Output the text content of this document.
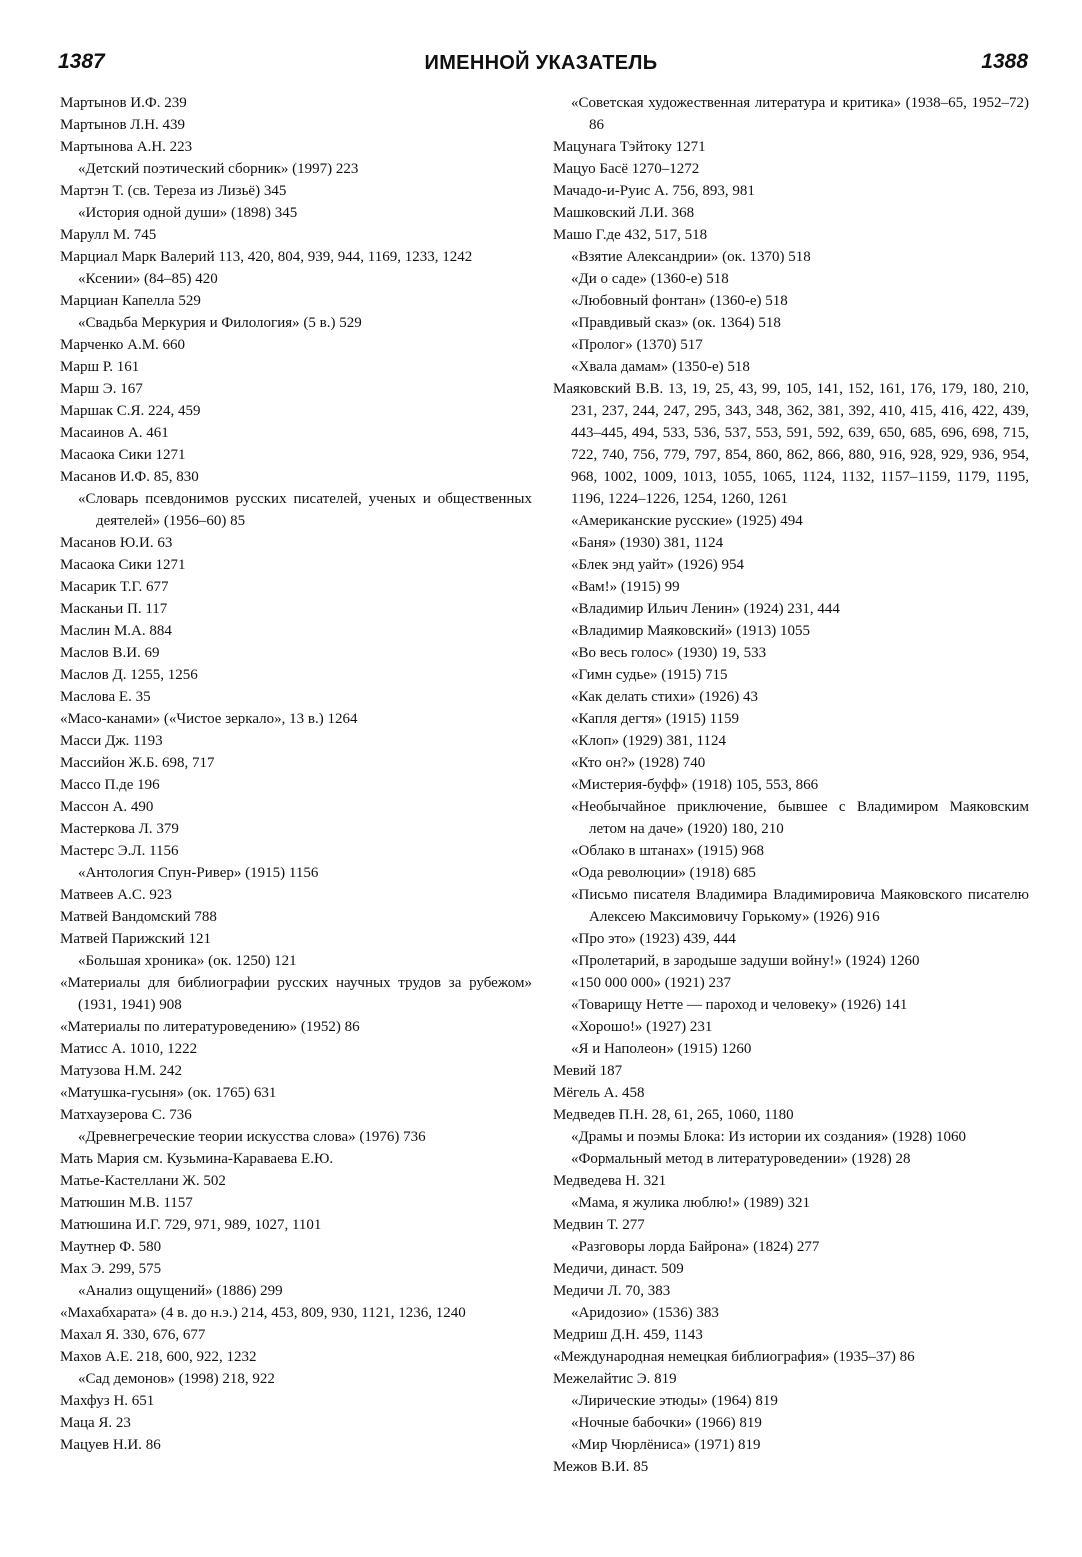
1387	ИМЕННОЙ УКАЗАТЕЛЬ	1388
Мартынов И.Ф. 239
Мартынов Л.Н. 439
Мартынова А.Н. 223
«Детский поэтический сборник» (1997) 223
Мартэн Т. (св. Тереза из Лизьё) 345
«История одной души» (1898) 345
Марулл М. 745
Марциал Марк Валерий 113, 420, 804, 939, 944, 1169, 1233, 1242
«Ксении» (84–85) 420
Марциан Капелла 529
«Свадьба Меркурия и Филология» (5 в.) 529
Марченко А.М. 660
Марш Р. 161
Марш Э. 167
Маршак С.Я. 224, 459
Масаинов А. 461
Масаока Сики 1271
Масанов И.Ф. 85, 830
«Словарь псевдонимов русских писателей, ученых и общественных деятелей» (1956–60) 85
Масанов Ю.И. 63
Масаока Сики 1271
Масарик Т.Г. 677
Масканьи П. 117
Маслин М.А. 884
Маслов В.И. 69
Маслов Д. 1255, 1256
Маслова Е. 35
«Масо-канами» («Чистое зеркало», 13 в.) 1264
Масси Дж. 1193
Массийон Ж.Б. 698, 717
Массо П.де 196
Массон А. 490
Мастеркова Л. 379
Мастерс Э.Л. 1156
«Антология Спун-Ривер» (1915) 1156
Матвеев А.С. 923
Матвей Вандомский 788
Матвей Парижский 121
«Большая хроника» (ок. 1250) 121
«Материалы для библиографии русских научных трудов за рубежом» (1931, 1941) 908
«Материалы по литературоведению» (1952) 86
Матисс А. 1010, 1222
Матузова Н.М. 242
«Матушка-гусыня» (ок. 1765) 631
Матхаузерова С. 736
«Древнегреческие теории искусства слова» (1976) 736
Мать Мария см. Кузьмина-Караваева Е.Ю.
Матье-Кастеллани Ж. 502
Матюшин М.В. 1157
Матюшина И.Г. 729, 971, 989, 1027, 1101
Маутнер Ф. 580
Мах Э. 299, 575
«Анализ ощущений» (1886) 299
«Махабхарата» (4 в. до н.э.) 214, 453, 809, 930, 1121, 1236, 1240
Махал Я. 330, 676, 677
Махов А.Е. 218, 600, 922, 1232
«Сад демонов» (1998) 218, 922
Махфуз Н. 651
Маца Я. 23
Мацуев Н.И. 86
«Советская художественная литература и критика» (1938–65, 1952–72) 86
Мацунага Тэйтоку 1271
Мацуо Басё 1270–1272
Мачадо-и-Руис А. 756, 893, 981
Машковский Л.И. 368
Машо Г.де 432, 517, 518
«Взятие Александрии» (ок. 1370) 518
«Ди о саде» (1360-е) 518
«Любовный фонтан» (1360-е) 518
«Правдивый сказ» (ок. 1364) 518
«Пролог» (1370) 517
«Хвала дамам» (1350-е) 518
Маяковский В.В. 13, 19, 25, 43, 99, 105, 141, 152, 161, 176, 179, 180, 210, 231, 237, 244, 247, 295, 343, 348, 362, 381, 392, 410, 415, 416, 422, 439, 443–445, 494, 533, 536, 537, 553, 591, 592, 639, 650, 685, 696, 698, 715, 722, 740, 756, 779, 797, 854, 860, 862, 866, 880, 916, 928, 929, 936, 954, 968, 1002, 1009, 1013, 1055, 1065, 1124, 1132, 1157–1159, 1179, 1195, 1196, 1224–1226, 1254, 1260, 1261
«Американские русские» (1925) 494
«Баня» (1930) 381, 1124
«Блек энд уайт» (1926) 954
«Вам!» (1915) 99
«Владимир Ильич Ленин» (1924) 231, 444
«Владимир Маяковский» (1913) 1055
«Во весь голос» (1930) 19, 533
«Гимн судье» (1915) 715
«Как делать стихи» (1926) 43
«Капля дегтя» (1915) 1159
«Клоп» (1929) 381, 1124
«Кто он?» (1928) 740
«Мистерия-буфф» (1918) 105, 553, 866
«Необычайное приключение, бывшее с Владимиром Маяковским летом на даче» (1920) 180, 210
«Облако в штанах» (1915) 968
«Ода революции» (1918) 685
«Письмо писателя Владимира Владимировича Маяковского писателю Алексею Максимовичу Горькому» (1926) 916
«Про это» (1923) 439, 444
«Пролетарий, в зародыше задуши войну!» (1924) 1260
«150 000 000» (1921) 237
«Товарищу Нетте — пароход и человеку» (1926) 141
«Хорошо!» (1927) 231
«Я и Наполеон» (1915) 1260
Мевий 187
Мёгель А. 458
Медведев П.Н. 28, 61, 265, 1060, 1180
«Драмы и поэмы Блока: Из истории их создания» (1928) 1060
«Формальный метод в литературоведении» (1928) 28
Медведева Н. 321
«Мама, я жулика люблю!» (1989) 321
Медвин Т. 277
«Разговоры лорда Байрона» (1824) 277
Медичи, династ. 509
Медичи Л. 70, 383
«Аридозио» (1536) 383
Медриш Д.Н. 459, 1143
«Международная немецкая библиография» (1935–37) 86
Межелайтис Э. 819
«Лирические этюды» (1964) 819
«Ночные бабочки» (1966) 819
«Мир Чюрлёниса» (1971) 819
Межов В.И. 85
